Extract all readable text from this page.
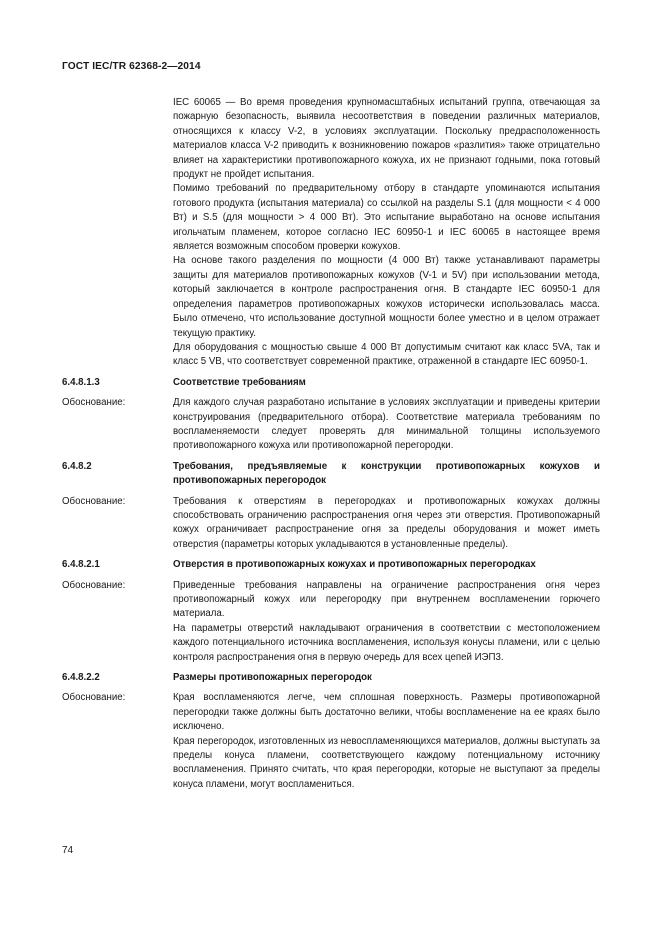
ГОСТ IEC/TR 62368-2—2014

IEC 60065 — Во время проведения крупномасштабных испытаний группа, отвечающая за пожарную безопасность, выявила несоответствия в поведении различных материалов, относящихся к классу V-2, в условиях эксплуатации. Поскольку предрасположенность материалов класса V-2 приводить к возникновению пожаров «разлития» также отрицательно влияет на характеристики противопожарного кожуха, их не признают годными, пока готовый продукт не пройдет испытания.

Помимо требований по предварительному отбору в стандарте упоминаются испытания готового продукта (испытания материала) со ссылкой на разделы S.1 (для мощности < 4 000 Вт) и S.5 (для мощности > 4 000 Вт). Это испытание выработано на основе испытания игольчатым пламенем, которое согласно IEC 60950-1 и IEC 60065 в настоящее время является возможным способом проверки кожухов.

На основе такого разделения по мощности (4 000 Вт) также устанавливают параметры защиты для материалов противопожарных кожухов (V-1 и 5V) при использовании метода, который заключается в контроле распространения огня. В стандарте IEC 60950-1 для определения параметров противопожарных кожухов исторически использовалась масса. Было отмечено, что использование доступной мощности более уместно и в целом отражает текущую практику.

Для оборудования с мощностью свыше 4 000 Вт допустимым считают как класс 5VA, так и класс 5 VB, что соответствует современной практике, отраженной в стандарте IEC 60950-1.

6.4.8.1.3	Соответствие требованиям
Обоснование:	Для каждого случая разработано испытание в условиях эксплуатации и приведены критерии конструирования (предварительного отбора). Соответствие материала требованиям по воспламеняемости следует проверять для минимальной толщины используемого противопожарного кожуха или противопожарной перегородки.

6.4.8.2	Требования, предъявляемые к конструкции противопожарных кожухов и противопожарных перегородок
Обоснование:	Требования к отверстиям в перегородках и противопожарных кожухах должны способствовать ограничению распространения огня через эти отверстия. Противопожарный кожух ограничивает распространение огня за пределы оборудования и может иметь отверстия (параметры которых укладываются в установленные пределы).

6.4.8.2.1	Отверстия в противопожарных кожухах и противопожарных перегородках
Обоснование:	Приведенные требования направлены на ограничение распространения огня через противопожарный кожух или перегородку при внутреннем воспламенении горючего материала.

На параметры отверстий накладывают ограничения в соответствии с местоположением каждого потенциального источника воспламенения, используя конусы пламени, или с целью контроля распространения огня в первую очередь для всех цепей ИЭП3.

6.4.8.2.2	Размеры противопожарных перегородок
Обоснование:	Края воспламеняются легче, чем сплошная поверхность. Размеры противопожарной перегородки также должны быть достаточно велики, чтобы воспламенение на ее краях было исключено.

Края перегородок, изготовленных из невоспламеняющихся материалов, должны выступать за пределы конуса пламени, соответствующего каждому потенциальному источнику воспламенения. Принято считать, что края перегородки, которые не выступают за пределы конуса пламени, могут воспламениться.

74
